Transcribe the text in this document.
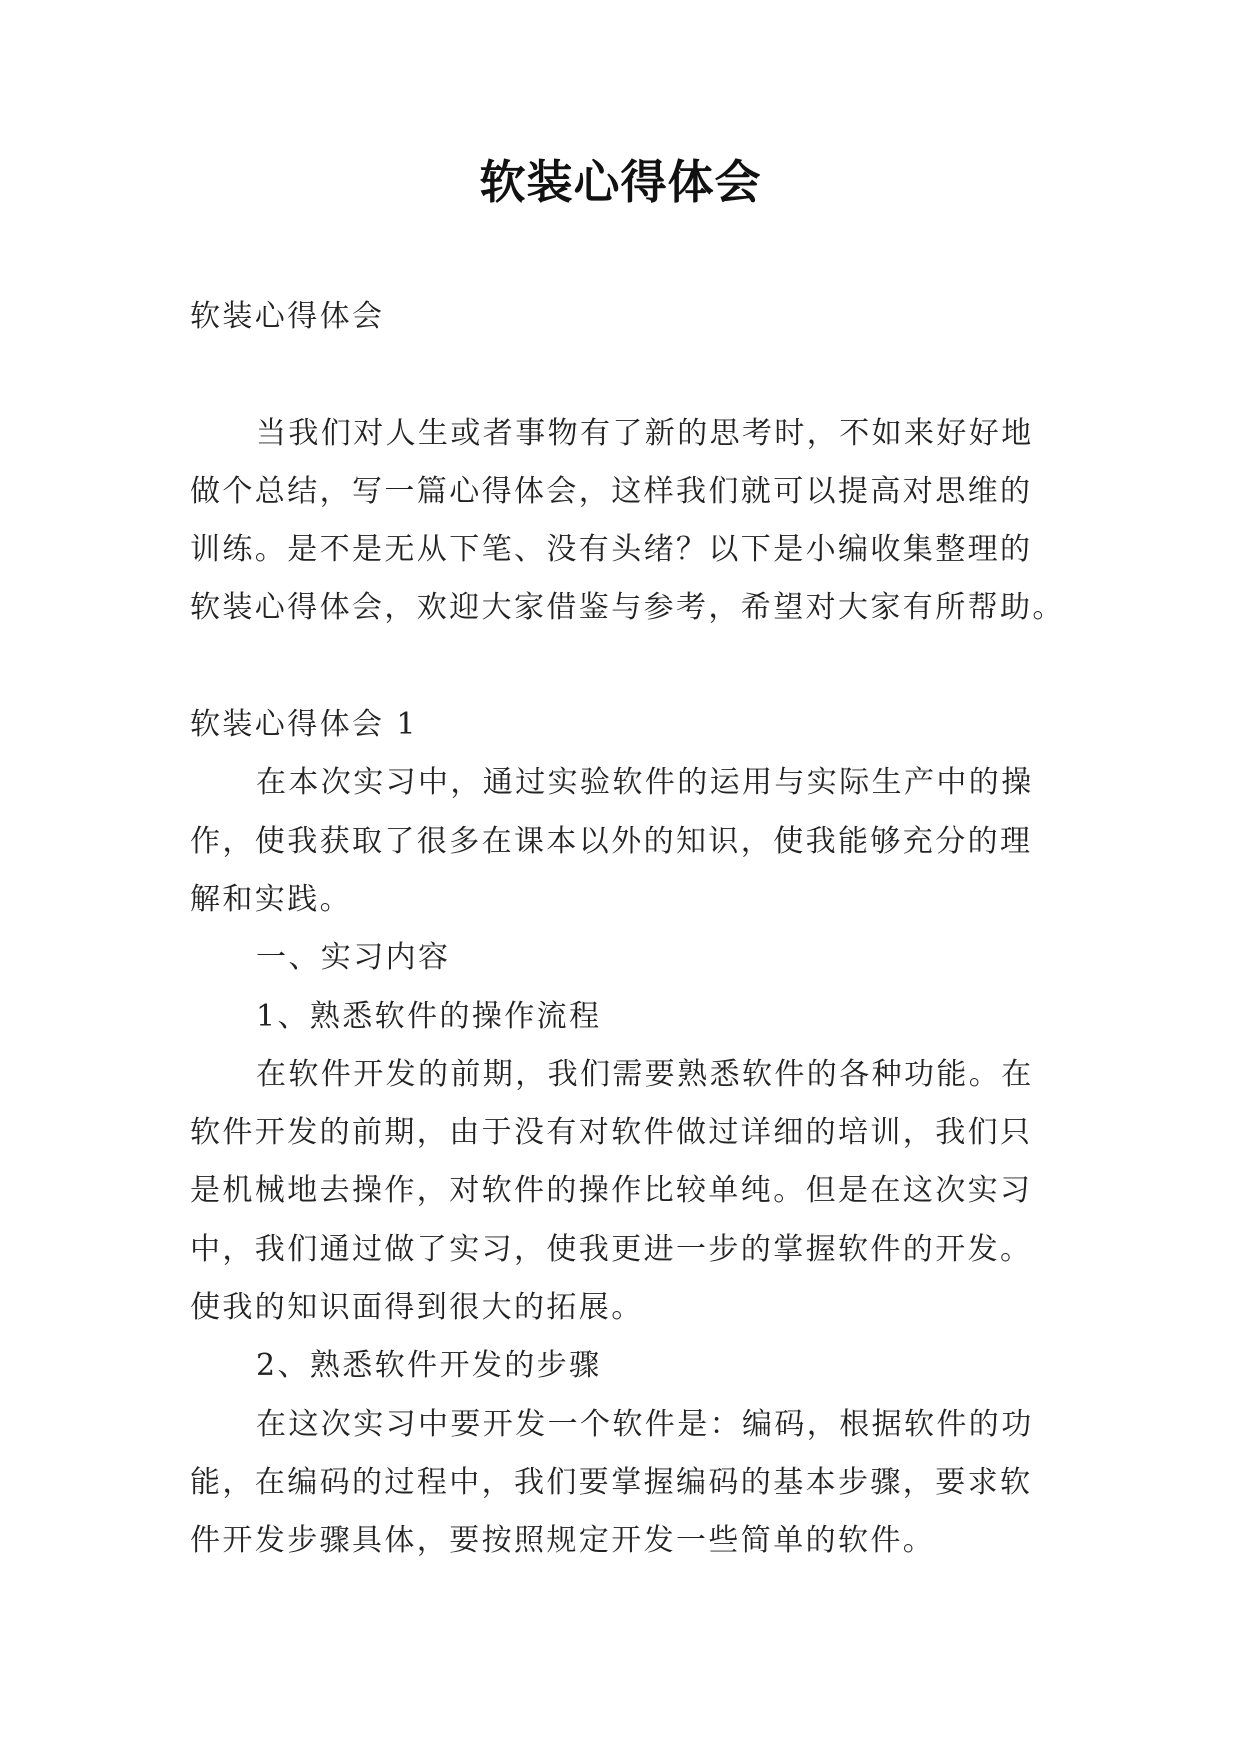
软装心得体会
软装心得体会
当我们对人生或者事物有了新的思考时，不如来好好地
做个总结，写一篇心得体会，这样我们就可以提高对思维的
训练。是不是无从下笔、没有头绪？以下是小编收集整理的
软装心得体会，欢迎大家借鉴与参考，希望对大家有所帮助。
软装心得体会 1
在本次实习中，通过实验软件的运用与实际生产中的操
作，使我获取了很多在课本以外的知识，使我能够充分的理
解和实践。
一、实习内容
1、熟悉软件的操作流程
在软件开发的前期，我们需要熟悉软件的各种功能。在
软件开发的前期，由于没有对软件做过详细的培训，我们只
是机械地去操作，对软件的操作比较单纯。但是在这次实习
中，我们通过做了实习，使我更进一步的掌握软件的开发。
使我的知识面得到很大的拓展。
2、熟悉软件开发的步骤
在这次实习中要开发一个软件是：编码，根据软件的功
能，在编码的过程中，我们要掌握编码的基本步骤，要求软
件开发步骤具体，要按照规定开发一些简单的软件。
